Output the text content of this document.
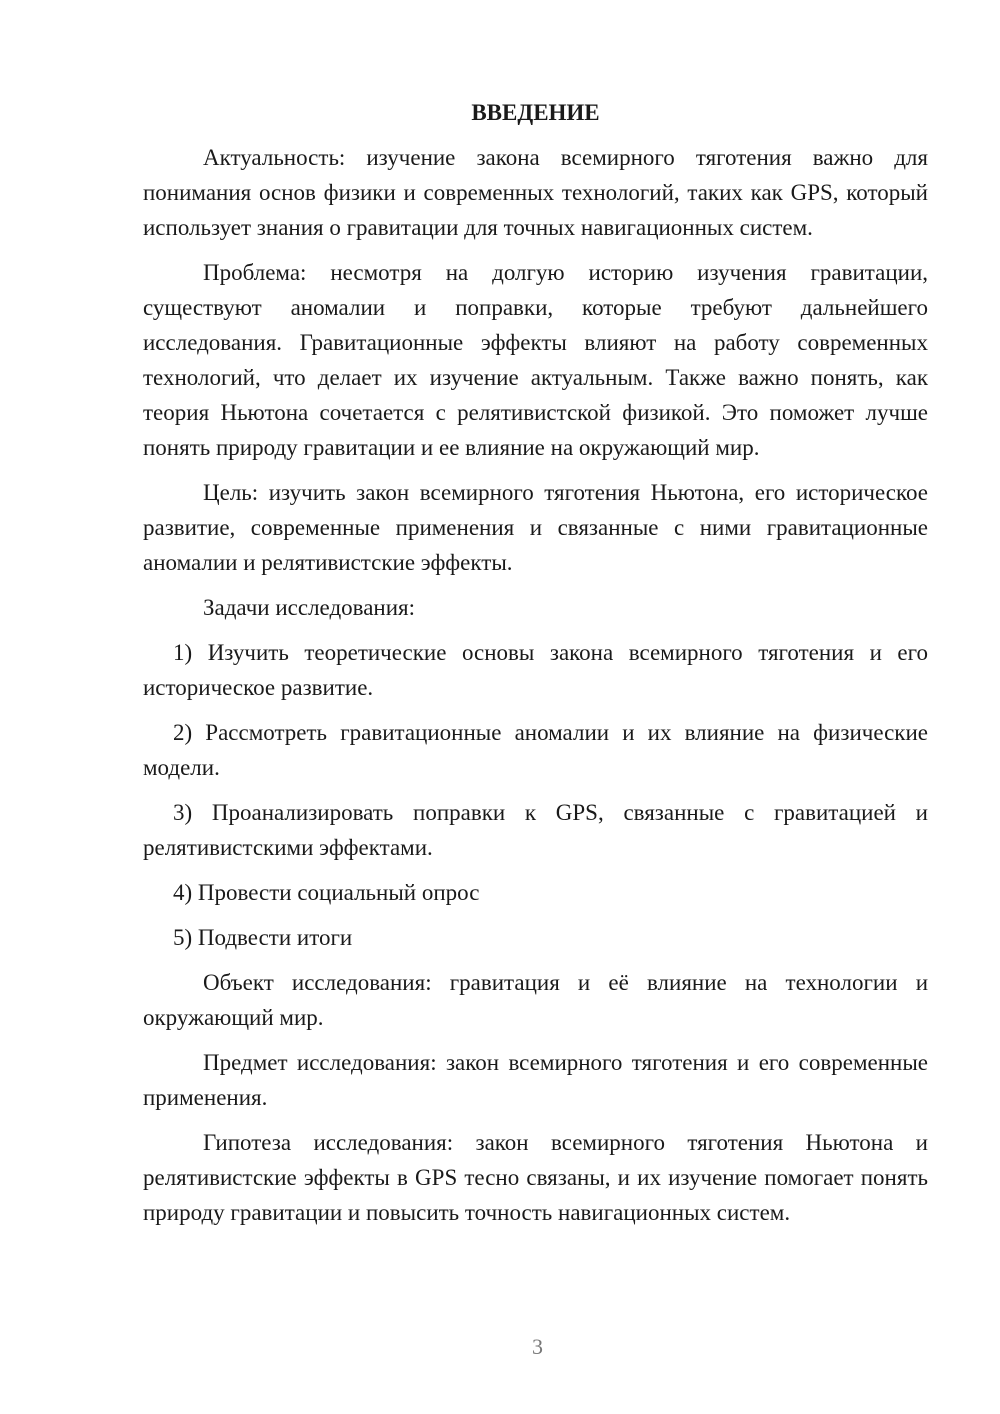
ВВЕДЕНИЕ

Актуальность: изучение закона всемирного тяготения важно для понимания основ физики и современных технологий, таких как GPS, который использует знания о гравитации для точных навигационных систем.

Проблема: несмотря на долгую историю изучения гравитации, существуют аномалии и поправки, которые требуют дальнейшего исследования. Гравитационные эффекты влияют на работу современных технологий, что делает их изучение актуальным. Также важно понять, как теория Ньютона сочетается с релятивистской физикой. Это поможет лучше понять природу гравитации и ее влияние на окружающий мир.

Цель: изучить закон всемирного тяготения Ньютона, его историческое развитие, современные применения и связанные с ними гравитационные аномалии и релятивистские эффекты.

Задачи исследования:

1) Изучить теоретические основы закона всемирного тяготения и его историческое развитие.

2) Рассмотреть гравитационные аномалии и их влияние на физические модели.

3) Проанализировать поправки к GPS, связанные с гравитацией и релятивистскими эффектами.

4) Провести социальный опрос

5) Подвести итоги

Объект исследования: гравитация и её влияние на технологии и окружающий мир.

Предмет исследования: закон всемирного тяготения и его современные применения.

Гипотеза исследования: закон всемирного тяготения Ньютона и релятивистские эффекты в GPS тесно связаны, и их изучение помогает понять природу гравитации и повысить точность навигационных систем.

3
